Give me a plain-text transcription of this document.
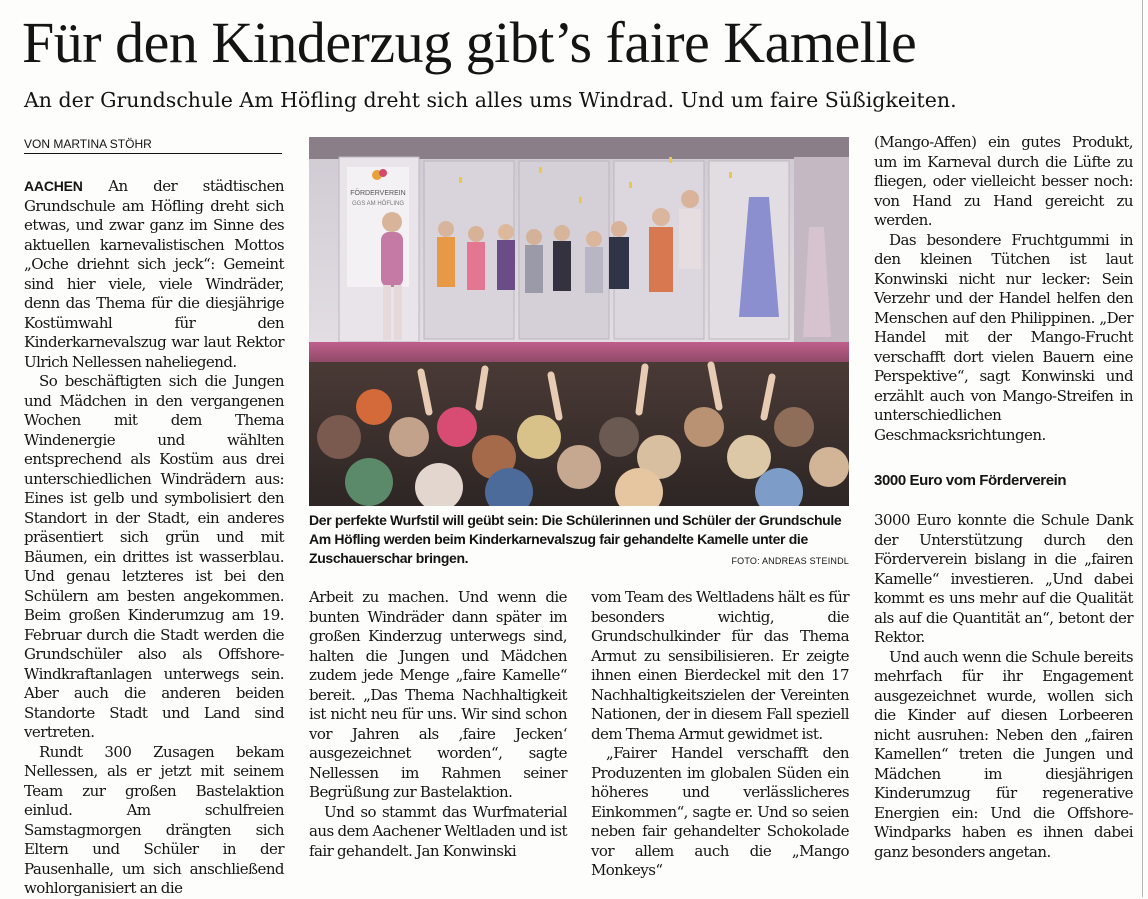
Für den Kinderzug gibt’s faire Kamelle
An der Grundschule Am Höfling dreht sich alles ums Windrad. Und um faire Süßigkeiten.
VON MARTINA STÖHR

AACHEN An der städtischen Grundschule am Höfling dreht sich etwas, und zwar ganz im Sinne des aktuellen karnevalistischen Mottos „Oche driehnt sich jeck“: Gemeint sind hier viele, viele Windräder, denn das Thema für die diesjährige Kostümwahl für den Kinderkarnevalszug war laut Rektor Ulrich Nellessen naheliegend.

So beschäftigten sich die Jungen und Mädchen in den vergangenen Wochen mit dem Thema Windenergie und wählten entsprechend als Kostüm aus drei unterschiedlichen Windrädern aus: Eines ist gelb und symbolisiert den Standort in der Stadt, ein anderes präsentiert sich grün und mit Bäumen, ein drittes ist wasserblau. Und genau letzteres ist bei den Schülern am besten angekommen. Beim großen Kinderumzug am 19. Februar durch die Stadt werden die Grundschüler also als Offshore-Windkraftanlagen unterwegs sein. Aber auch die anderen beiden Standorte Stadt und Land sind vertreten.

Rundt 300 Zusagen bekam Nellessen, als er jetzt mit seinem Team zur großen Bastelaktion einlud. Am schulfreien Samstagmorgen drängten sich Eltern und Schüler in der Pausenhalle, um sich anschließend wohlorganisiert an die

FÖRDERVEREIN
GGS AM HÖFLING
Der perfekte Wurfstil will geübt sein: Die Schülerinnen und Schüler der Grundschule Am Höfling werden beim Kinderkarnevalszug fair gehandelte Kamelle unter die Zuschauerschar bringen.	FOTO: ANDREAS STEINDL

Arbeit zu machen. Und wenn die bunten Windräder dann später im großen Kinderzug unterwegs sind, halten die Jungen und Mädchen zudem jede Menge „faire Kamelle“ bereit. „Das Thema Nachhaltigkeit ist nicht neu für uns. Wir sind schon vor Jahren als ‚faire Jecken‘ ausgezeichnet worden“, sagte Nellessen im Rahmen seiner Begrüßung zur Bastelaktion.

Und so stammt das Wurfmaterial aus dem Aachener Weltladen und ist fair gehandelt. Jan Konwinski

vom Team des Weltladens hält es für besonders wichtig, die Grundschulkinder für das Thema Armut zu sensibilisieren. Er zeigte ihnen einen Bierdeckel mit den 17 Nachhaltigkeitszielen der Vereinten Nationen, der in diesem Fall speziell dem Thema Armut gewidmet ist.

„Fairer Handel verschafft den Produzenten im globalen Süden ein höheres und verlässlicheres Einkommen“, sagte er. Und so seien neben fair gehandelter Schokolade vor allem auch die „Mango Monkeys“

(Mango-Affen) ein gutes Produkt, um im Karneval durch die Lüfte zu fliegen, oder vielleicht besser noch: von Hand zu Hand gereicht zu werden.

Das besondere Fruchtgummi in den kleinen Tütchen ist laut Konwinski nicht nur lecker: Sein Verzehr und der Handel helfen den Menschen auf den Philippinen. „Der Handel mit der Mango-Frucht verschafft dort vielen Bauern eine Perspektive“, sagt Konwinski und erzählt auch von Mango-Streifen in unterschiedlichen Geschmacksrichtungen.

3000 Euro vom Förderverein

3000 Euro konnte die Schule Dank der Unterstützung durch den Förderverein bislang in die „fairen Kamelle“ investieren. „Und dabei kommt es uns mehr auf die Qualität als auf die Quantität an“, betont der Rektor.

Und auch wenn die Schule bereits mehrfach für ihr Engagement ausgezeichnet wurde, wollen sich die Kinder auf diesen Lorbeeren nicht ausruhen: Neben den „fairen Kamellen“ treten die Jungen und Mädchen im diesjährigen Kinderumzug für regenerative Energien ein: Und die Offshore-Windparks haben es ihnen dabei ganz besonders angetan.
